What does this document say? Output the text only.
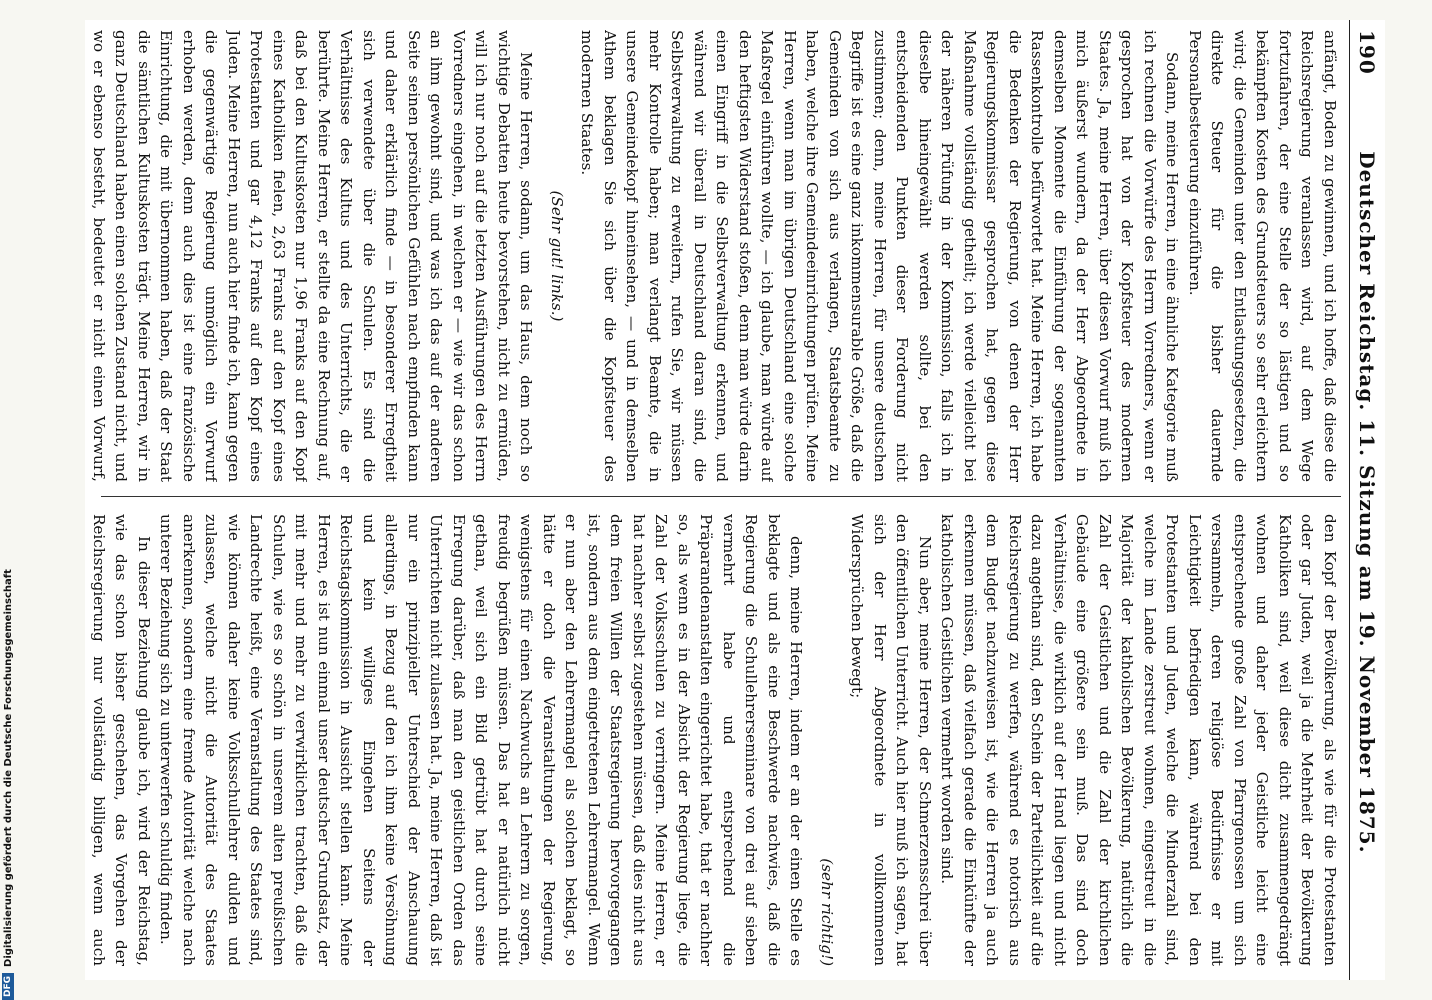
190
Deutscher Reichstag. 11. Sitzung am 19. November 1875.

anfängt, Boden zu gewinnen, und ich hoffe, daß diese die Reichsregierung veranlassen wird, auf dem Wege fortzufahren, der eine Stelle der so lästigen und so bekämpften Kosten des Grundsteuers so sehr erleichtern wird; die Gemeinden unter den Entlastungsgesetzen, die direkte Steuer für die bisher dauernde Personalbesteuerung einzuführen.

Sodann, meine Herren, in eine ähnliche Kategorie muß ich rechnen die Vorwürfe des Herrn Vorredners, wenn er gesprochen hat von der Kopfsteuer des modernen Staates. Ja, meine Herren, über diesen Vorwurf muß ich mich äußerst wundern, da der Herr Abgeordnete in demselben Momente die Einführung der sogenannten Rassenkontrolle befürwortet hat. Meine Herren, ich habe die Bedenken der Regierung, von denen der Herr Regierungskommissar gesprochen hat, gegen diese Maßnahme vollständig getheilt; ich werde vielleicht bei der näheren Prüfung in der Kommission, falls ich in dieselbe hineingewählt werden sollte, bei den entscheidenden Punkten dieser Forderung nicht zustimmen; denn, meine Herren, für unsere deutschen Begriffe ist es eine ganz inkommensurable Größe, daß die Gemeinden von sich aus verlangen, Staatsbeamte zu haben, welche ihre Gemeindeeinrichtungen prüfen. Meine Herren, wenn man im übrigen Deutschland eine solche Maßregel einführen wollte, — ich glaube, man würde auf den heftigsten Widerstand stoßen, denn man würde darin einen Eingriff in die Selbstverwaltung erkennen, und während wir überall in Deutschland daran sind, die Selbstverwaltung zu erweitern, rufen Sie, wir müssen mehr Kontrolle haben; man verlangt Beamte, die in unsere Gemeindekopf hineinsehen, — und in demselben Athem beklagen Sie sich über die Kopfsteuer des modernen Staates.

(Sehr gut! links.)

Meine Herren, sodann, um das Haus, dem noch so wichtige Debatten heute bevorstehen, nicht zu ermüden, will ich nur noch auf die letzten Ausführungen des Herrn Vorredners eingehen, in welchen er — wie wir das schon an ihm gewohnt sind, und was ich das auf der anderen Seite seinen persönlichen Gefühlen nach empfinden kann und daher erklärlich finde — in besonderer Erregtheit sich verwendete über die Schulen. Es sind die Verhältnisse des Kultus und des Unterrichts, die er berührte. Meine Herren, er stellte da eine Rechnung auf, daß bei den Kultuskosten nur 1,96 Franks auf den Kopf eines Katholiken fielen, 2,63 Franks auf den Kopf eines Protestanten und gar 4,12 Franks auf den Kopf eines Juden. Meine Herren, nun auch hier finde ich, kann gegen die gegenwärtige Regierung unmöglich ein Vorwurf erhoben werden, denn auch dies ist eine französische Einrichtung, die mit übernommen haben, daß der Staat die sämtlichen Kultuskosten trägt. Meine Herren, wir in ganz Deutschland haben einen solchen Zustand nicht, und wo er ebenso besteht, bedeutet er nicht einen Vorwurf,

den Kopf der Bevölkerung, als wie für die Protestanten oder gar Juden, weil ja die Mehrheit der Bevölkerung Katholiken sind, weil diese dicht zusammengedrängt wohnen und daher jeder Geistliche leicht eine entsprechende große Zahl von Pfarrgenossen um sich versammeln, deren religiöse Bedürfnisse er mit Leichtigkeit befriedigen kann, während bei den Protestanten und Juden, welche die Minderzahl sind, welche im Lande zerstreut wohnen, eingestreut in die Majorität der katholischen Bevölkerung, natürlich die Zahl der Geistlichen und die Zahl der kirchlichen Gebäude eine größere sein muß. Das sind doch Verhältnisse, die wirklich auf der Hand liegen und nicht dazu angethan sind, den Schein der Parteilichkeit auf die Reichsregierung zu werfen, während es notorisch aus dem Budget nachzuweisen ist, wie die Herren ja auch erkennen müssen, daß vielfach gerade die Einkünfte der katholischen Geistlichen vermehrt worden sind.

Nun aber, meine Herren, der Schmerzensschrei über den öffentlichen Unterricht. Auch hier muß ich sagen, hat sich der Herr Abgeordnete in vollkommenen Widersprüchen bewegt;

(sehr richtig!)

denn, meine Herren, indem er an der einen Stelle es beklagte und als eine Beschwerde nachwies, daß die Regierung die Schullehrerseminare von drei auf sieben vermehrt habe und entsprechend die Präparandenanstalten eingerichtet habe, that er nachher so, als wenn es in der Absicht der Regierung liege, die Zahl der Volksschulen zu verringern. Meine Herren, er hat nachher selbst zugestehen müssen, daß dies nicht aus dem freien Willen der Staatsregierung hervorgegangen ist, sondern aus dem eingetretenen Lehrermangel. Wenn er nun aber den Lehrermangel als solchen beklagt, so hätte er doch die Veranstaltungen der Regierung, wenigstens für einen Nachwuchs an Lehrern zu sorgen, freudig begrüßen müssen. Das hat er natürlich nicht gethan, weil sich ein Bild getrübt hat durch seine Erregung darüber, daß man den geistlichen Orden das Unterrichten nicht zulassen hat. Ja, meine Herren, daß ist nur ein prinzipieller Unterschied der Anschauung allerdings, in Bezug auf den ich ihm keine Versöhnung und kein williges Eingehen Seitens der Reichstagskommission in Aussicht stellen kann. Meine Herren, es ist nun einmal unser deutscher Grundsatz, der mit mehr und mehr zu verwirklichen trachten, daß die Schulen, wie es so schön in unserem alten preußischen Landrechte heißt, eine Veranstaltung des Staates sind, wie können daher keine Volksschullehrer dulden und zulassen, welche nicht die Autorität des Staates anerkennen, sondern eine fremde Autorität welche nach unterer Beziehung sich zu unterwerfen schuldig finden.

In dieser Beziehung glaube ich, wird der Reichstag, wie das schon bisher geschehen, das Vorgehen der Reichsregierung nur vollständig billigen, wenn auch

DFG
Digitalisierung gefördert durch die Deutsche Forschungsgemeinschaft
